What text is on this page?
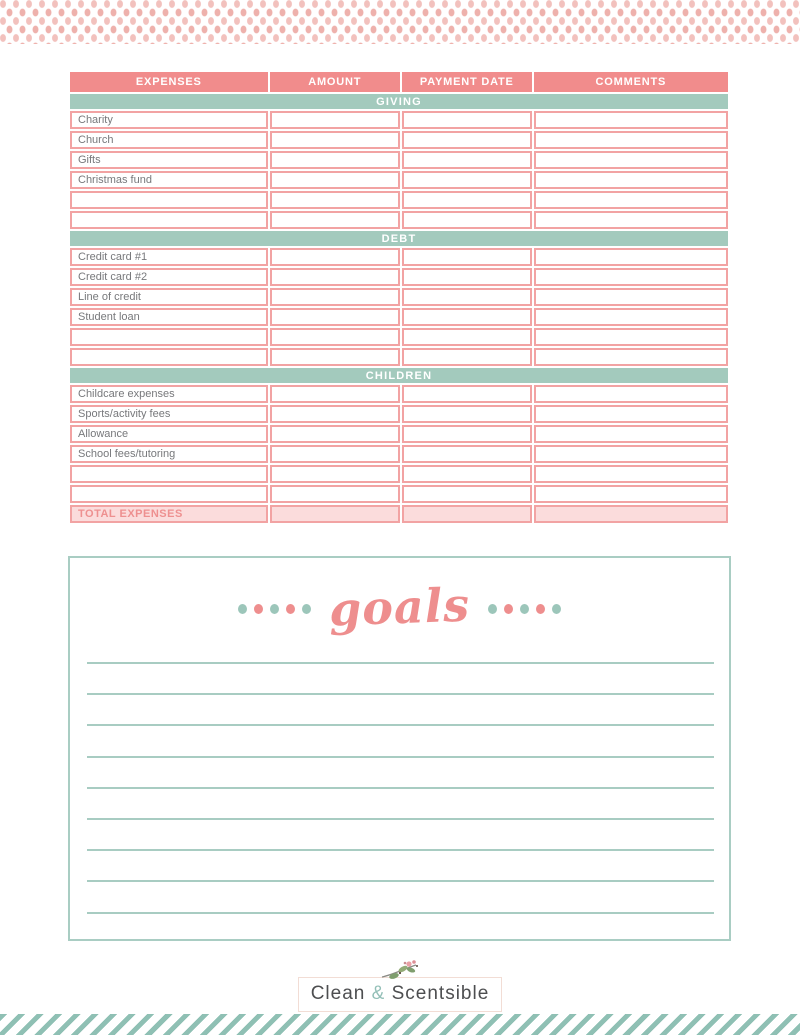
EXPENSES	AMOUNT	PAYMENT DATE	COMMENTS
GIVING			
Charity			
Church			
Gifts			
Christmas fund			

DEBT			
Credit card #1			
Credit card #2			
Line of credit			
Student loan			

CHILDREN			
Childcare expenses			
Sports/activity fees			
Allowance			
School fees/tutoring			

TOTAL EXPENSES			
goals
Clean & Scentsible
